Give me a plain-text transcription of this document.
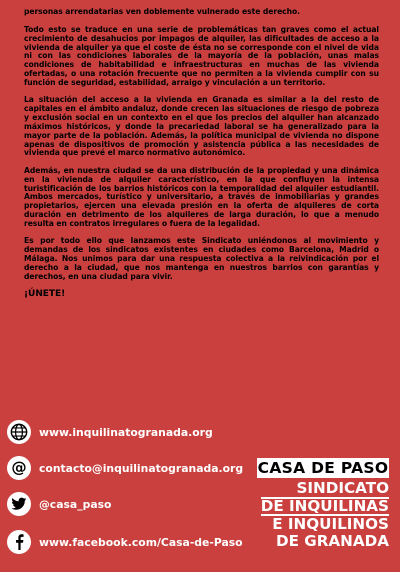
personas arrendatarias ven doblemente vulnerado este derecho.

Todo esto se traduce en una serie de problemáticas tan graves como el actual crecimiento de desahucios por impagos de alquiler, las dificultades de acceso a la vivienda de alquiler ya que el coste de ésta no se corresponde con el nivel de vida ni con las condiciones laborales de la mayoría de la población, unas malas condiciones de habitabilidad e infraestructuras en muchas de las vivienda ofertadas, o una rotación frecuente que no permiten a la vivienda cumplir con su función de seguridad, estabilidad, arraigo y vinculación a un territorio.

La situación del acceso a la vivienda en Granada es similar a la del resto de capitales en el ámbito andaluz, donde crecen las situaciones de riesgo de pobreza y exclusión social en un contexto en el que los precios del alquiler han alcanzado máximos históricos, y donde la precariedad laboral se ha generalizado para la mayor parte de la población. Además, la política municipal de vivienda no dispone apenas de dispositivos de promoción y asistencia pública a las necesidades de vivienda que prevé el marco normativo autonómico.

Además, en nuestra ciudad se da una distribución de la propiedad y una dinámica en la vivienda de alquiler característico, en la que confluyen la intensa turistificación de los barrios históricos con la temporalidad del alquiler estudiantil. Ambos mercados, turístico y universitario, a través de inmobiliarias y grandes propietarios, ejercen una elevada presión en la oferta de alquileres de corta duración en detrimento de los alquileres de larga duración, lo que a menudo resulta en contratos irregulares o fuera de la legalidad.

Es por todo ello que lanzamos este Sindicato uniéndonos al movimiento y demandas de los sindicatos existentes en ciudades como Barcelona, Madrid o Málaga. Nos unimos para dar una respuesta colectiva a la reivindicación por el derecho a la ciudad, que nos mantenga en nuestros barrios con garantías y derechos, en una ciudad para vivir.

¡ÚNETE!
www.inquilinatogranada.org
@ contacto@inquilinatogranada.org
@casa_paso
www.facebook.com/Casa-de-Paso
CASA DE PASO
SINDICATO
DE INQUILINAS
E INQUILINOS
DE GRANADA
